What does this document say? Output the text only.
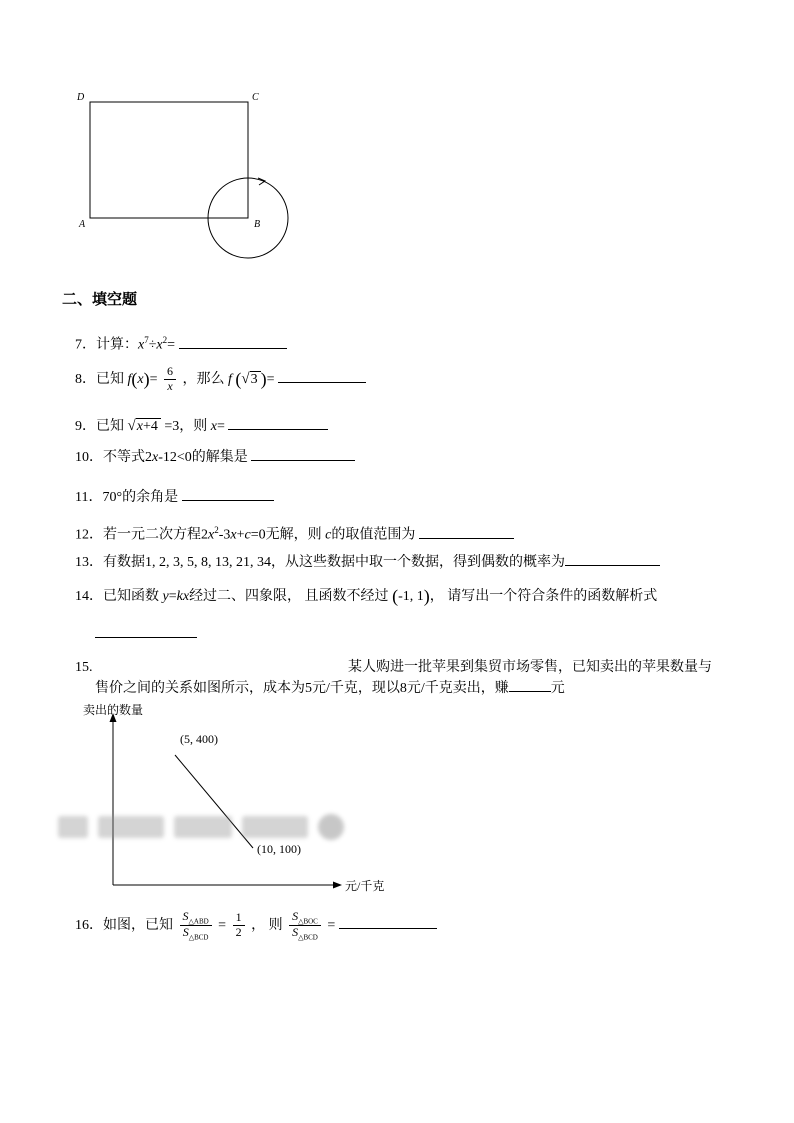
D	C
A	B
二、填空题
7．计算：$x^7\div x^2=$
8．已知 $f(x)= \frac{6}{x}$ ，那么 f (√3 )=
9．已知 √x+4 =3，则 x=
10．不等式2x-12<0的解集是
11．70°的余角是
12．若一元二次方程$2x^2-3x+c=0$无解，则 c的取值范围为
13．有数据1, 2, 3, 5, 8, 13, 21, 34，从这些数据中取一个数据，得到偶数的概率为
14．已知函数 y=kx经过二、四象限， 且函数不经过 (-1, 1)， 请写出一个符合条件的函数解析式
15.	某人购进一批苹果到集贸市场零售，已知卖出的苹果数量与
售价之间的关系如图所示，成本为5元/千克，现以8元/千克卖出，赚	元
卖出的数量
元/千克
(5, 400)
(10, 100)
16．如图，已知 $\frac{S_{\triangle ABD}}{S_{\triangle BCD}} = \frac{1}{2}$ ， 则 $\frac{S_{\triangle BOC}}{S_{\triangle BCD}}$ =
